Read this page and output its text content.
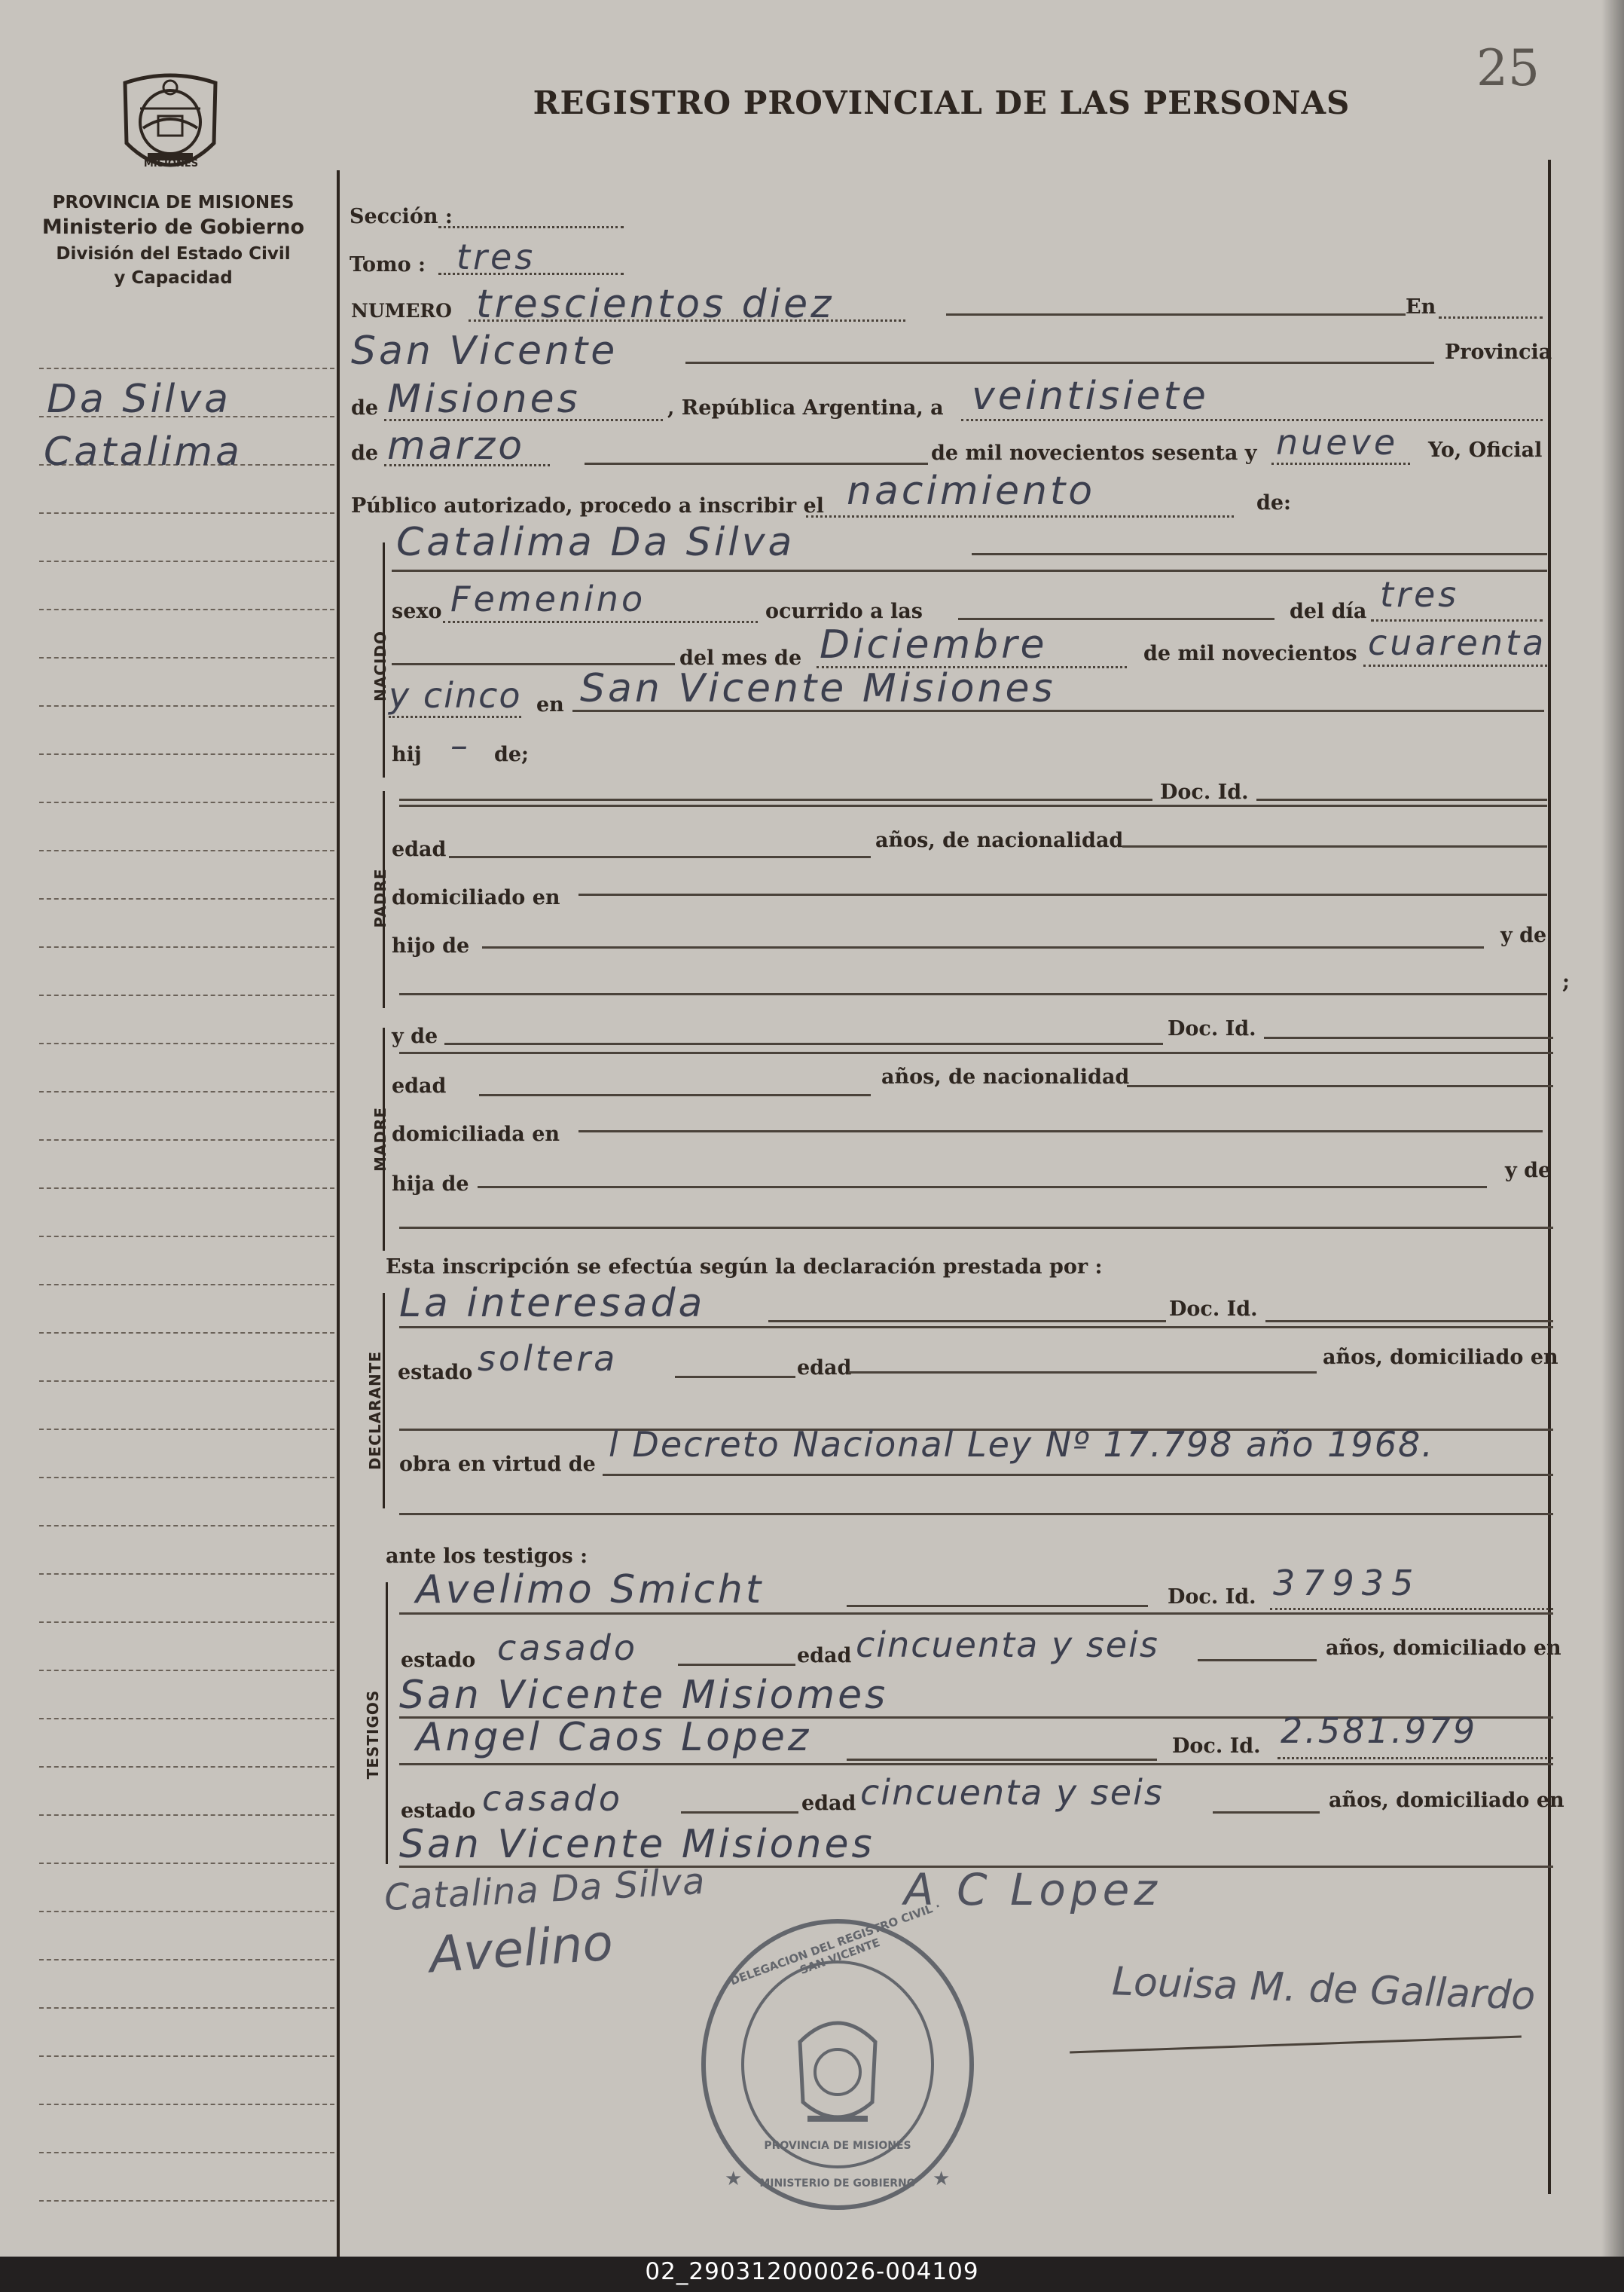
25
MISIONES
PROVINCIA DE MISIONES
Ministerio de Gobierno
División del Estado Civil
y Capacidad
REGISTRO PROVINCIAL DE LAS PERSONAS
Da Silva
Catalima
Sección :
Tomo : tres
NUMERO trescientos diez	En
San Vicente	Provincia
de Misiones	, República Argentina, a veintisiete
de marzo	de mil novecientos sesenta y nueve Yo, Oficial
Público autorizado, procedo a inscribir el nacimiento	de:
NACIDO
Catalima Da Silva
sexo Femenino	ocurrido a las	del día tres
del mes de Diciembre	de mil novecientos cuarenta
y cinco en San Vicente Misiones
hij – de;
PADRE
Doc. Id.
edad	años, de nacionalidad
domiciliado en
hijo de	y de
;
MADRE
y de	Doc. Id.
edad	años, de nacionalidad
domiciliada en
hija de
y de
Esta inscripción se efectúa según la declaración prestada por :
DECLARANTE
La interesada	Doc. Id.
estado soltera	edad	años, domiciliado en
obra en virtud de l Decreto Nacional Ley Nº 17.798 año 1968.
ante los testigos :
TESTIGOS
Avelimo Smicht	Doc. Id. 37935
estado casado	edad cincuenta y seis	años, domiciliado en
San Vicente Misiomes
Angel Caos Lopez	Doc. Id. 2.581.979
estado casado	edad cincuenta y seis	años, domiciliado en
San Vicente Misiones
Catalina Da Silva	A C Lopez
Avelino
Louisa M. de Gallardo
★	★
DELEGACION DEL REGISTRO CIVIL · SAN VICENTE
PROVINCIA DE MISIONES
MINISTERIO DE GOBIERNO
02_290312000026-004109
